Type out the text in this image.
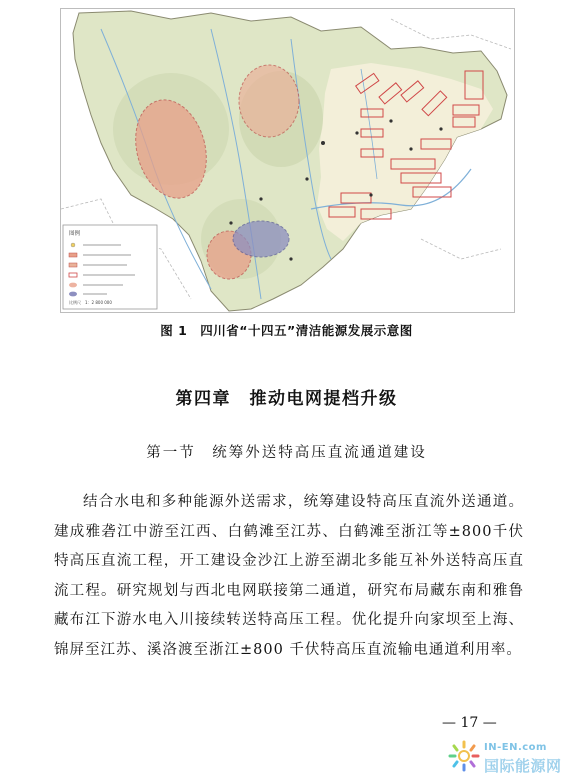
图例
比例尺　1：2 800 000
图 1　四川省“十四五”清洁能源发展示意图
第四章　推动电网提档升级
第一节　统筹外送特高压直流通道建设
结合水电和多种能源外送需求，统筹建设特高压直流外送通道。建成雅砻江中游至江西、白鹤滩至江苏、白鹤滩至浙江等±800千伏特高压直流工程，开工建设金沙江上游至湖北多能互补外送特高压直流工程。研究规划与西北电网联接第二通道，研究布局藏东南和雅鲁藏布江下游水电入川接续转送特高压工程。优化提升向家坝至上海、锦屏至江苏、溪洛渡至浙江±800 千伏特高压直流输电通道利用率。
— 17 —
IN-EN.com
国际能源网
